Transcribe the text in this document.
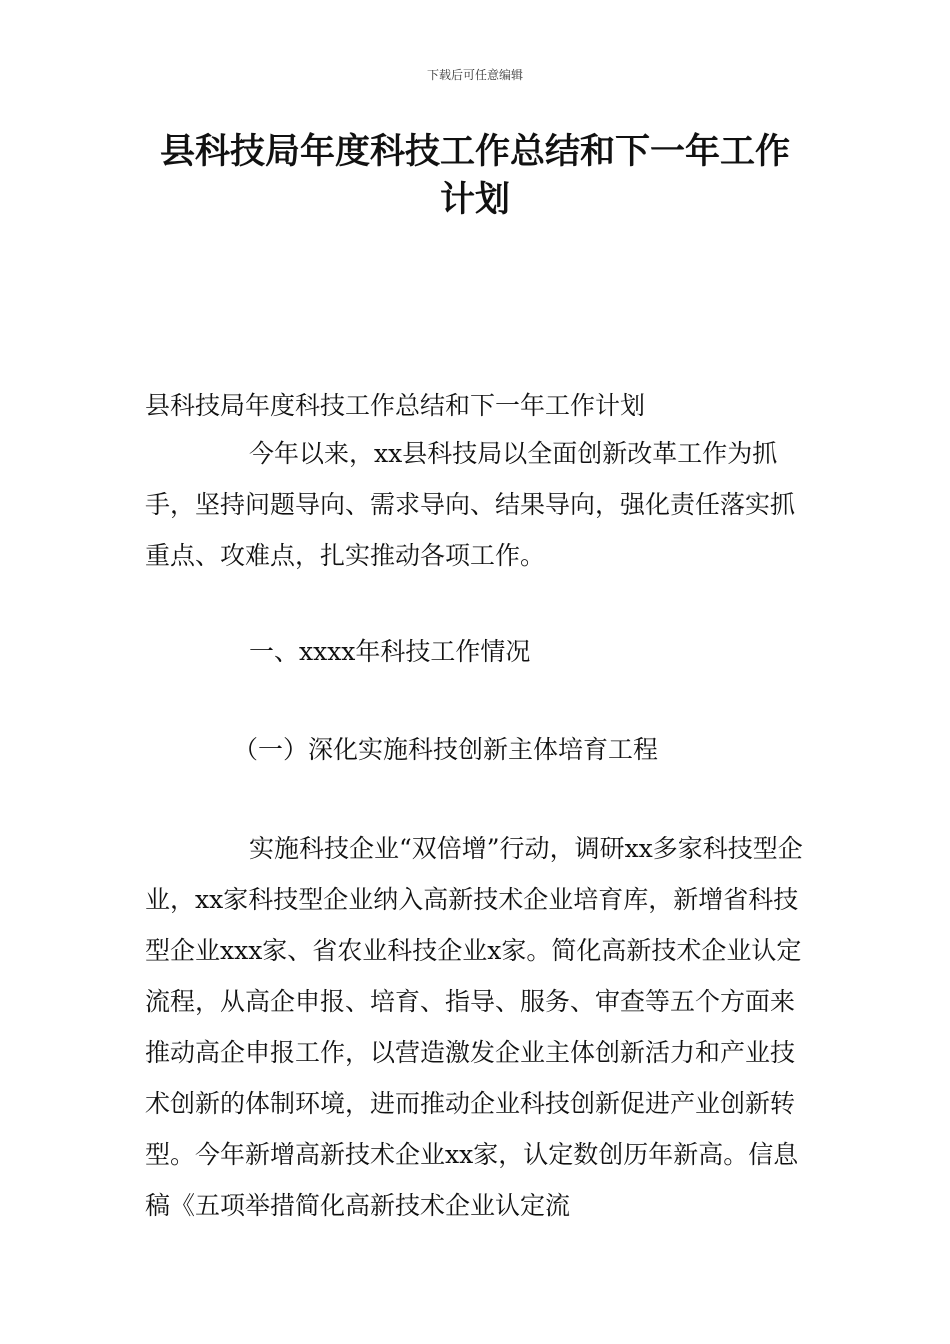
下载后可任意编辑
县科技局年度科技工作总结和下一年工作计划

县科技局年度科技工作总结和下一年工作计划

今年以来，xx县科技局以全面创新改革工作为抓手，坚持问题导向、需求导向、结果导向，强化责任落实抓重点、攻难点，扎实推动各项工作。

一、xxxx年科技工作情况

（一）深化实施科技创新主体培育工程

实施科技企业“双倍增”行动，调研xx多家科技型企业，xx家科技型企业纳入高新技术企业培育库，新增省科技型企业xxx家、省农业科技企业x家。简化高新技术企业认定流程，从高企申报、培育、指导、服务、审查等五个方面来推动高企申报工作，以营造激发企业主体创新活力和产业技术创新的体制环境，进而推动企业科技创新促进产业创新转型。今年新增高新技术企业xx家，认定数创历年新高。信息稿《五项举措简化高新技术企业认定流
